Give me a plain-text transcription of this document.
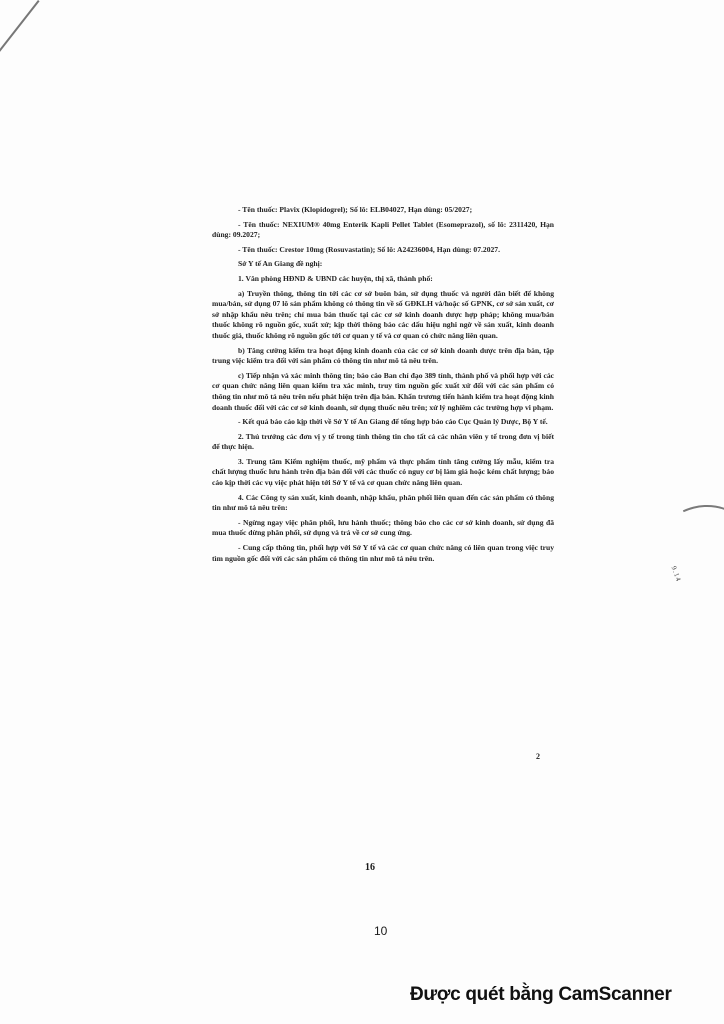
9.14

- Tên thuốc: Plavix (Klopidogrel); Số lô: ELB04027, Hạn dùng: 05/2027;

- Tên thuốc: NEXIUM® 40mg Enterik Kapli Pellet Tablet (Esomeprazol), số lô: 2311420, Hạn dùng: 09.2027;

- Tên thuốc: Crestor 10mg (Rosuvastatin); Số lô: A24236004, Hạn dùng: 07.2027.

Sở Y tế An Giang đề nghị:

1. Văn phòng HĐND & UBND các huyện, thị xã, thành phố:

a) Truyền thông, thông tin tới các cơ sở buôn bán, sử dụng thuốc và người dân biết để không mua/bán, sử dụng 07 lô sản phẩm không có thông tin về số GĐKLH và/hoặc số GPNK, cơ sở sản xuất, cơ sở nhập khẩu nêu trên; chỉ mua bán thuốc tại các cơ sở kinh doanh dược hợp pháp; không mua/bán thuốc không rõ nguồn gốc, xuất xứ; kịp thời thông báo các dấu hiệu nghi ngờ về sản xuất, kinh doanh thuốc giả, thuốc không rõ nguồn gốc tới cơ quan y tế và cơ quan có chức năng liên quan.

b) Tăng cường kiểm tra hoạt động kinh doanh của các cơ sở kinh doanh dược trên địa bàn, tập trung việc kiểm tra đối với sản phẩm có thông tin như mô tả nêu trên.

c) Tiếp nhận và xác minh thông tin; báo cáo Ban chỉ đạo 389 tỉnh, thành phố và phối hợp với các cơ quan chức năng liên quan kiểm tra xác minh, truy tìm nguồn gốc xuất xứ đối với các sản phẩm có thông tin như mô tả nêu trên nếu phát hiện trên địa bàn. Khẩn trương tiến hành kiểm tra hoạt động kinh doanh thuốc đối với các cơ sở kinh doanh, sử dụng thuốc nêu trên; xử lý nghiêm các trường hợp vi phạm.

- Kết quả báo cáo kịp thời về Sở Y tế An Giang để tổng hợp báo cáo Cục Quản lý Dược, Bộ Y tế.

2. Thủ trưởng các đơn vị y tế trong tỉnh thông tin cho tất cả các nhân viên y tế trong đơn vị biết để thực hiện.

3. Trung tâm Kiểm nghiệm thuốc, mỹ phẩm và thực phẩm tỉnh tăng cường lấy mẫu, kiểm tra chất lượng thuốc lưu hành trên địa bàn đối với các thuốc có nguy cơ bị làm giả hoặc kém chất lượng; báo cáo kịp thời các vụ việc phát hiện tới Sở Y tế và cơ quan chức năng liên quan.

4. Các Công ty sản xuất, kinh doanh, nhập khẩu, phân phối liên quan đến các sản phẩm có thông tin như mô tả nêu trên:

- Ngừng ngay việc phân phối, lưu hành thuốc; thông báo cho các cơ sở kinh doanh, sử dụng đã mua thuốc dừng phân phối, sử dụng và trả về cơ sở cung ứng.

- Cung cấp thông tin, phối hợp với Sở Y tế và các cơ quan chức năng có liên quan trong việc truy tìm nguồn gốc đối với các sản phẩm có thông tin như mô tả nêu trên.

2
16
10
Được quét bằng CamScanner
